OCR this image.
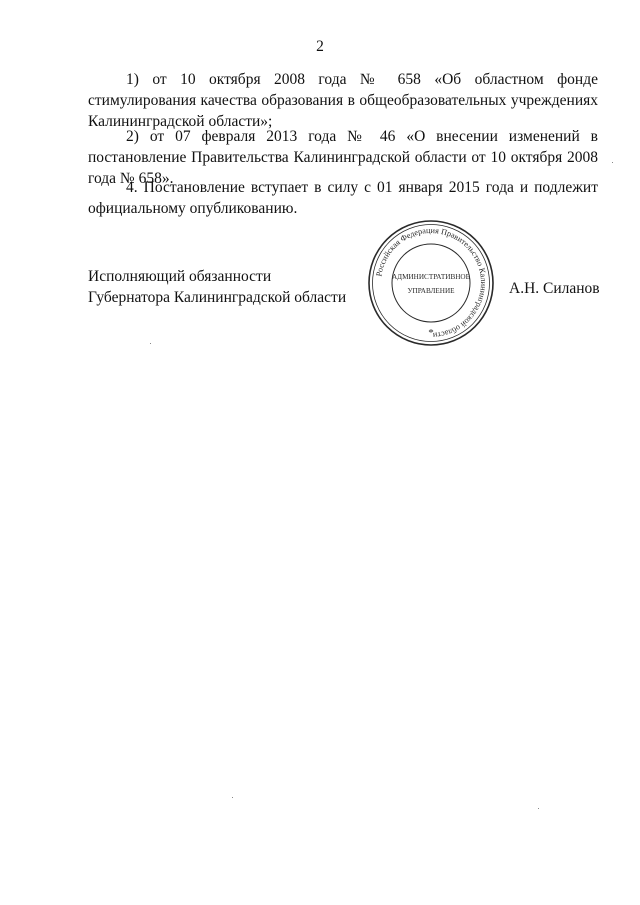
2
1) от 10 октября 2008 года № 658 «Об областном фонде стимулирования качества образования в общеобразовательных учреждениях Калининградской области»;
2) от 07 февраля 2013 года № 46 «О внесении изменений в постановление Правительства Калининградской области от 10 октября 2008 года № 658».
4. Постановление вступает в силу с 01 января 2015 года и подлежит официальному опубликованию.
Исполняющий обязанности
Губернатора Калининградской области
А.Н. Силанов
Российская Федерация Правительство Калининградской области
АДМИНИСТРАТИВНОЕ
УПРАВЛЕНИЕ
*
